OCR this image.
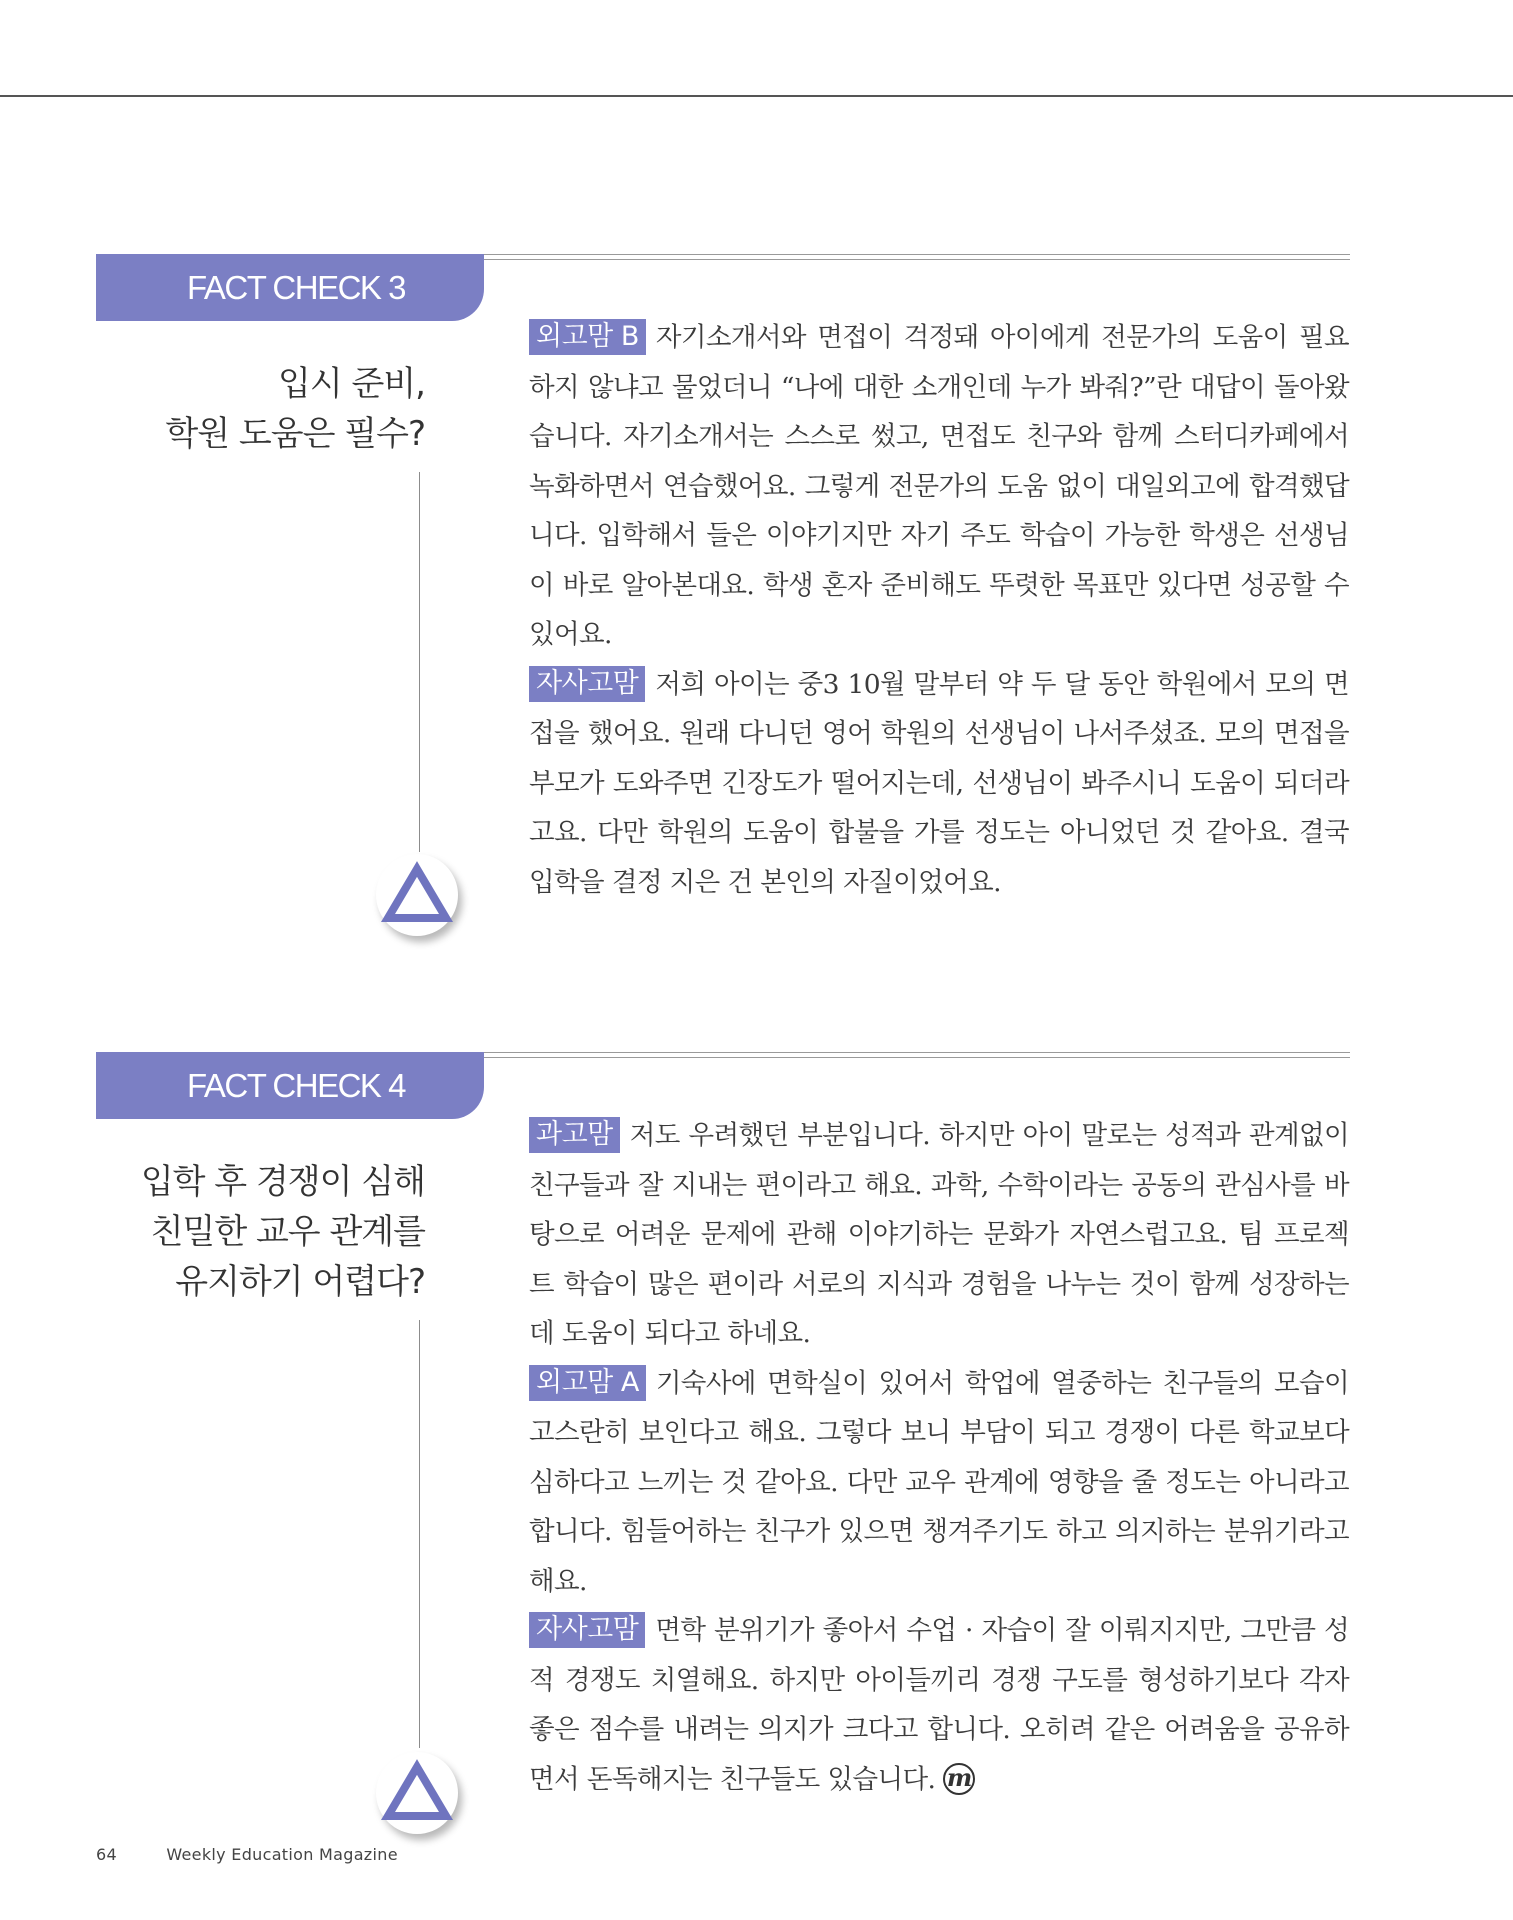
FACT CHECK 3
입시 준비,
학원 도움은 필수?

외고맘 B 자기소개서와 면접이 걱정돼 아이에게 전문가의 도움이 필요하지 않냐고 물었더니 “나에 대한 소개인데 누가 봐줘?”란 대답이 돌아왔습니다. 자기소개서는 스스로 썼고, 면접도 친구와 함께 스터디카페에서 녹화하면서 연습했어요. 그렇게 전문가의 도움 없이 대일외고에 합격했답니다. 입학해서 들은 이야기지만 자기 주도 학습이 가능한 학생은 선생님이 바로 알아본대요. 학생 혼자 준비해도 뚜렷한 목표만 있다면 성공할 수 있어요.

자사고맘 저희 아이는 중3 10월 말부터 약 두 달 동안 학원에서 모의 면접을 했어요. 원래 다니던 영어 학원의 선생님이 나서주셨죠. 모의 면접을 부모가 도와주면 긴장도가 떨어지는데, 선생님이 봐주시니 도움이 되더라고요. 다만 학원의 도움이 합불을 가를 정도는 아니었던 것 같아요. 결국 입학을 결정 지은 건 본인의 자질이었어요.

FACT CHECK 4
입학 후 경쟁이 심해
친밀한 교우 관계를
유지하기 어렵다?

과고맘 저도 우려했던 부분입니다. 하지만 아이 말로는 성적과 관계없이 친구들과 잘 지내는 편이라고 해요. 과학, 수학이라는 공동의 관심사를 바탕으로 어려운 문제에 관해 이야기하는 문화가 자연스럽고요. 팀 프로젝트 학습이 많은 편이라 서로의 지식과 경험을 나누는 것이 함께 성장하는 데 도움이 되다고 하네요.

외고맘 A 기숙사에 면학실이 있어서 학업에 열중하는 친구들의 모습이 고스란히 보인다고 해요. 그렇다 보니 부담이 되고 경쟁이 다른 학교보다 심하다고 느끼는 것 같아요. 다만 교우 관계에 영향을 줄 정도는 아니라고 합니다. 힘들어하는 친구가 있으면 챙겨주기도 하고 의지하는 분위기라고 해요.

자사고맘 면학 분위기가 좋아서 수업 · 자습이 잘 이뤄지지만, 그만큼 성적 경쟁도 치열해요. 하지만 아이들끼리 경쟁 구도를 형성하기보다 각자 좋은 점수를 내려는 의지가 크다고 합니다. 오히려 같은 어려움을 공유하면서 돈독해지는 친구들도 있습니다. m

64	Weekly Education Magazine
